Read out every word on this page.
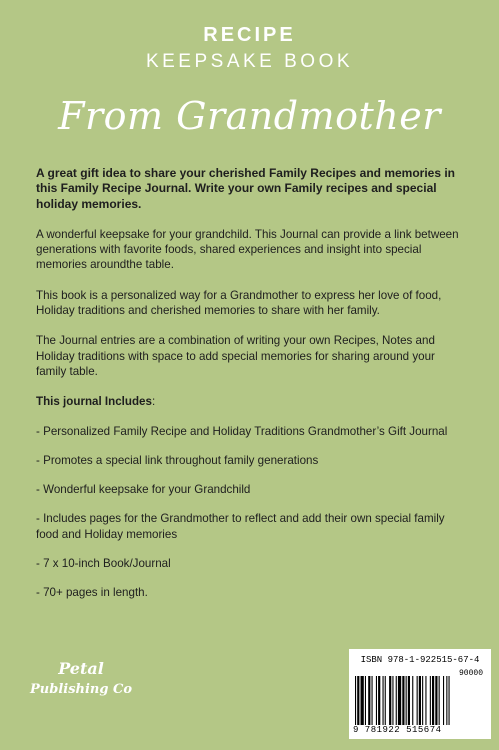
RECIPE
KEEPSAKE BOOK
From Grandmother

A great gift idea to share your cherished Family Recipes and memories in this Family Recipe Journal. Write your own Family recipes and special holiday memories.

A wonderful keepsake for your grandchild. This Journal can provide a link between generations with favorite foods, shared experiences and insight into special memories aroundthe table.

This book is a personalized way for a Grandmother to express her love of food, Holiday traditions and cherished memories to share with her family.

The Journal entries are a combination of writing your own Recipes, Notes and Holiday traditions with space to add special memories for sharing around your family table.

This journal Includes:

- Personalized Family Recipe and Holiday Traditions Grandmother’s Gift Journal

- Promotes a special link throughout family generations

- Wonderful keepsake for your Grandchild

- Includes pages for the Grandmother to reflect and add their own special family food and Holiday memories

- 7 x 10-inch Book/Journal

- 70+ pages in length.

Petal
Publishing Co
ISBN 978-1-922515-67-4
90000
9 781922 515674
